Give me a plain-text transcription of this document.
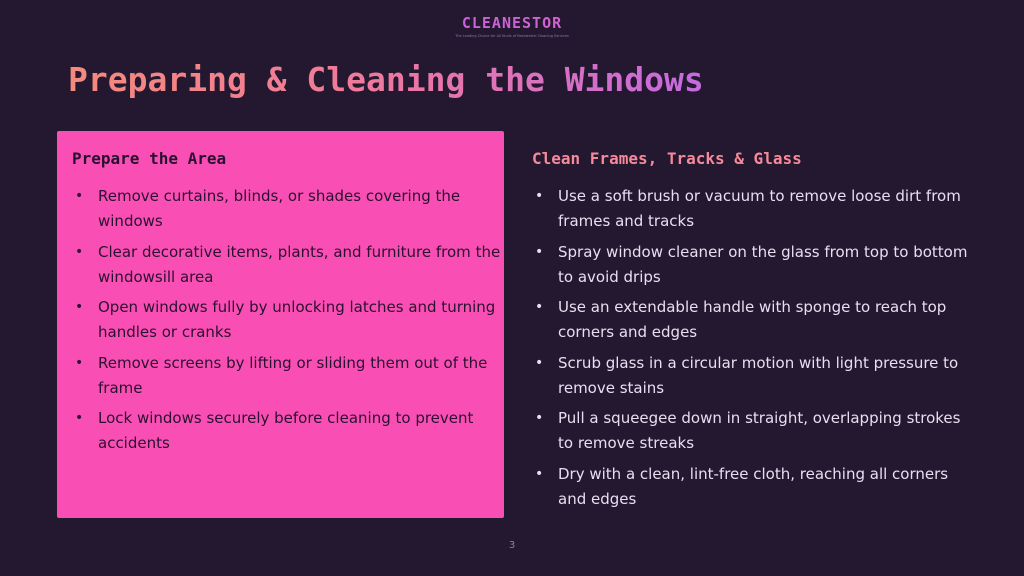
CLEANESTOR
The Leading Choice for All Kinds of Residential Cleaning Services
Preparing & Cleaning the Windows
Prepare the Area
• Remove curtains, blinds, or shades covering the windows
• Clear decorative items, plants, and furniture from the windowsill area
• Open windows fully by unlocking latches and turning handles or cranks
• Remove screens by lifting or sliding them out of the frame
• Lock windows securely before cleaning to prevent accidents
Clean Frames, Tracks & Glass
• Use a soft brush or vacuum to remove loose dirt from frames and tracks
• Spray window cleaner on the glass from top to bottom to avoid drips
• Use an extendable handle with sponge to reach top corners and edges
• Scrub glass in a circular motion with light pressure to remove stains
• Pull a squeegee down in straight, overlapping strokes to remove streaks
• Dry with a clean, lint-free cloth, reaching all corners and edges
3
